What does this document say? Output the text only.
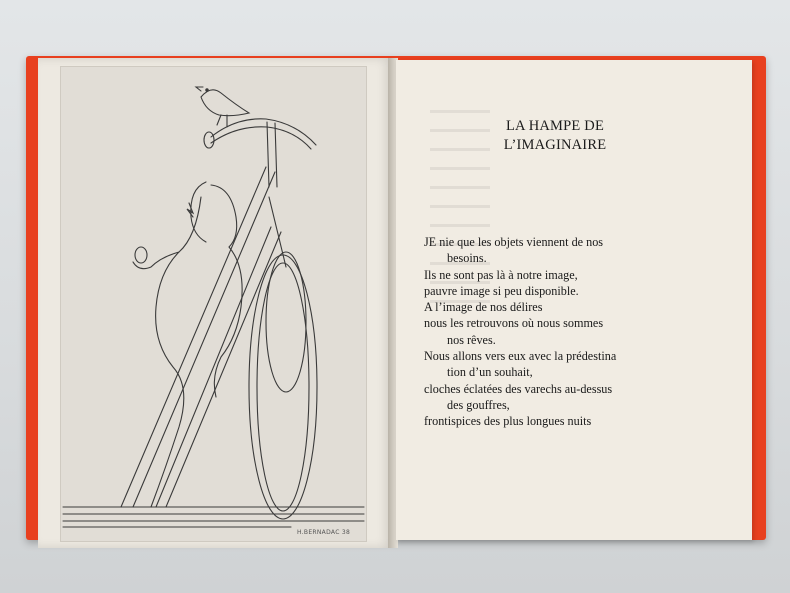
H.BERNADAC 38
LA HAMPE DE
L’IMAGINAIRE
JE nie que les objets viennent de nos
besoins.
Ils ne sont pas là à notre image,
pauvre image si peu disponible.
A l’image de nos délires
nous les retrouvons où nous sommes
nos rêves.
Nous allons vers eux avec la prédestina
tion d’un souhait,
cloches éclatées des varechs au-dessus
des gouffres,
frontispices des plus longues nuits
